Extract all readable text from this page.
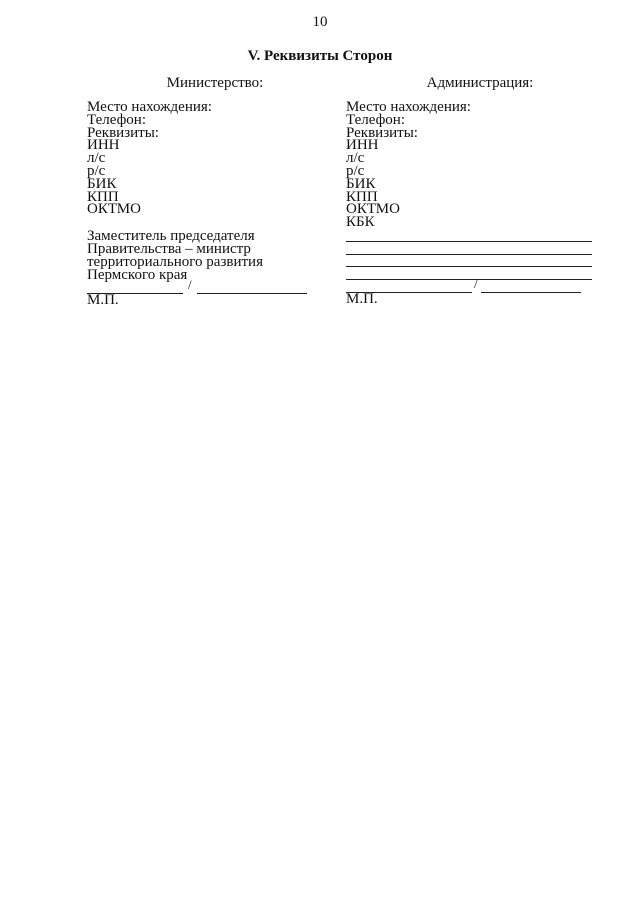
10
V. Реквизиты Сторон
Министерство:	Администрация:
Место нахождения:
Телефон:
Реквизиты:
ИНН
л/с
р/с
БИК
КПП
ОКТМО
Заместитель председателя
Правительства – министр
территориального развития
Пермского края
/
М.П.
Место нахождения:
Телефон:
Реквизиты:
ИНН
л/с
р/с
БИК
КПП
ОКТМО
КБК
/
М.П.
